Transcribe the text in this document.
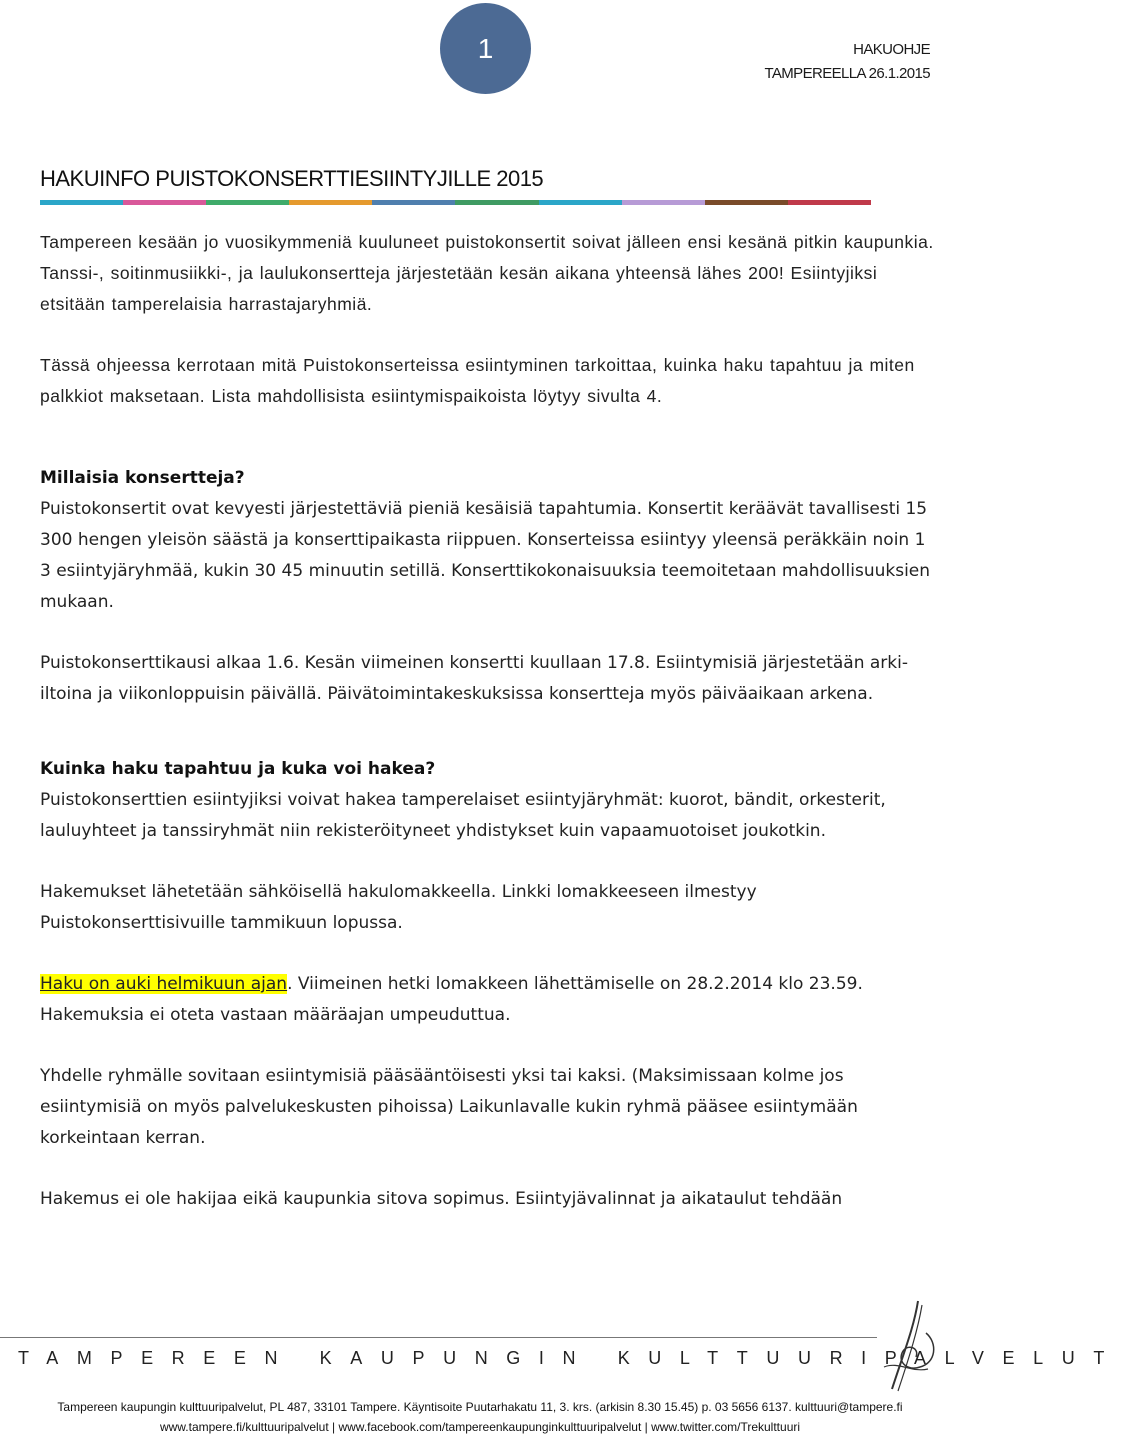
1	HAKUOHJE
TAMPEREELLA 26.1.2015
HAKUINFO PUISTOKONSERTTIESIINTYJILLE 2015

Tampereen kesään jo vuosikymmeniä kuuluneet puistokonsertit soivat jälleen ensi kesänä pitkin kaupunkia. Tanssi-, soitinmusiikki-, ja laulukonsertteja järjestetään kesän aikana yhteensä lähes 200! Esiintyjiksi etsitään tamperelaisia harrastajaryhmiä.

Tässä ohjeessa kerrotaan mitä Puistokonserteissa esiintyminen tarkoittaa, kuinka haku tapahtuu ja miten palkkiot maksetaan. Lista mahdollisista esiintymispaikoista löytyy sivulta 4.

Millaisia konsertteja?

Puistokonsertit ovat kevyesti järjestettäviä pieniä kesäisiä tapahtumia. Konsertit keräävät tavallisesti 15 300 hengen yleisön säästä ja konserttipaikasta riippuen. Konserteissa esiintyy yleensä peräkkäin noin 1 3 esiintyjäryhmää, kukin 30 45 minuutin setillä. Konserttikokonaisuuksia teemoitetaan mahdollisuuksien mukaan.

Puistokonserttikausi alkaa 1.6. Kesän viimeinen konsertti kuullaan 17.8. Esiintymisiä järjestetään arki-iltoina ja viikonloppuisin päivällä. Päivätoimintakeskuksissa konsertteja myös päiväaikaan arkena.

Kuinka haku tapahtuu ja kuka voi hakea?

Puistokonserttien esiintyjiksi voivat hakea tamperelaiset esiintyjäryhmät: kuorot, bändit, orkesterit, lauluyhteet ja tanssiryhmät niin rekisteröityneet yhdistykset kuin vapaamuotoiset joukotkin.

Hakemukset lähetetään sähköisellä hakulomakkeella. Linkki lomakkeeseen ilmestyy Puistokonserttisivuille tammikuun lopussa.

Haku on auki helmikuun ajan. Viimeinen hetki lomakkeen lähettämiselle on 28.2.2014 klo 23.59. Hakemuksia ei oteta vastaan määräajan umpeuduttua.

Yhdelle ryhmälle sovitaan esiintymisiä pääsääntöisesti yksi tai kaksi. (Maksimissaan kolme jos esiintymisiä on myös palvelukeskusten pihoissa) Laikunlavalle kukin ryhmä pääsee esiintymään korkeintaan kerran.

Hakemus ei ole hakijaa eikä kaupunkia sitova sopimus. Esiintyjävalinnat ja aikataulut tehdään

TAMPEREEN KAUPUNGIN KULTTUURIPALVELUT

Tampereen kaupungin kulttuuripalvelut, PL 487, 33101 Tampere. Käyntisoite Puutarhakatu 11, 3. krs. (arkisin 8.30 15.45) p. 03 5656 6137. kulttuuri@tampere.fi

www.tampere.fi/kulttuuripalvelut | www.facebook.com/tampereenkaupunginkulttuuripalvelut | www.twitter.com/Trekulttuuri
